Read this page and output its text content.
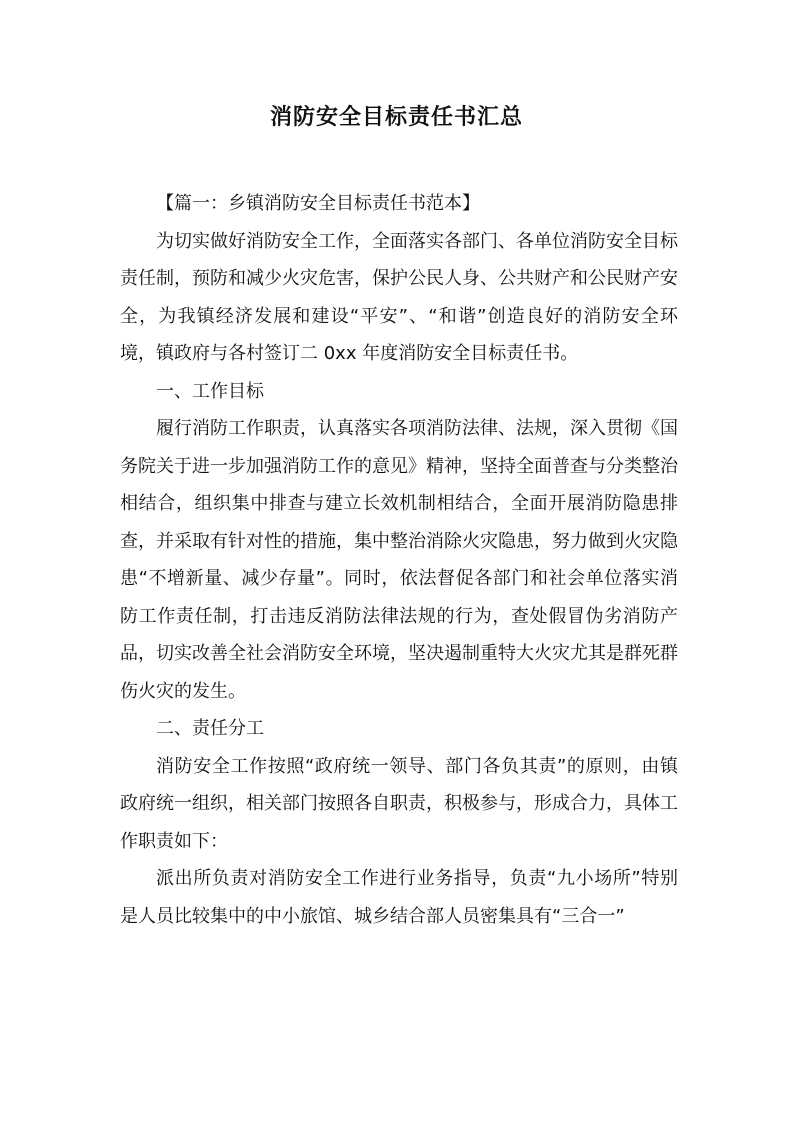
消防安全目标责任书汇总

【篇一：乡镇消防安全目标责任书范本】

为切实做好消防安全工作，全面落实各部门、各单位消防安全目标责任制，预防和减少火灾危害，保护公民人身、公共财产和公民财产安全，为我镇经济发展和建设“平安”、“和谐”创造良好的消防安全环境，镇政府与各村签订二 0xx 年度消防安全目标责任书。

一、工作目标

履行消防工作职责，认真落实各项消防法律、法规，深入贯彻《国务院关于进一步加强消防工作的意见》精神，坚持全面普查与分类整治相结合，组织集中排查与建立长效机制相结合，全面开展消防隐患排查，并采取有针对性的措施，集中整治消除火灾隐患，努力做到火灾隐患“不增新量、减少存量”。同时，依法督促各部门和社会单位落实消防工作责任制，打击违反消防法律法规的行为，查处假冒伪劣消防产品，切实改善全社会消防安全环境，坚决遏制重特大火灾尤其是群死群伤火灾的发生。

二、责任分工

消防安全工作按照“政府统一领导、部门各负其责”的原则，由镇政府统一组织，相关部门按照各自职责，积极参与，形成合力，具体工作职责如下：

派出所负责对消防安全工作进行业务指导，负责“九小场所”特别是人员比较集中的中小旅馆、城乡结合部人员密集具有“三合一”
